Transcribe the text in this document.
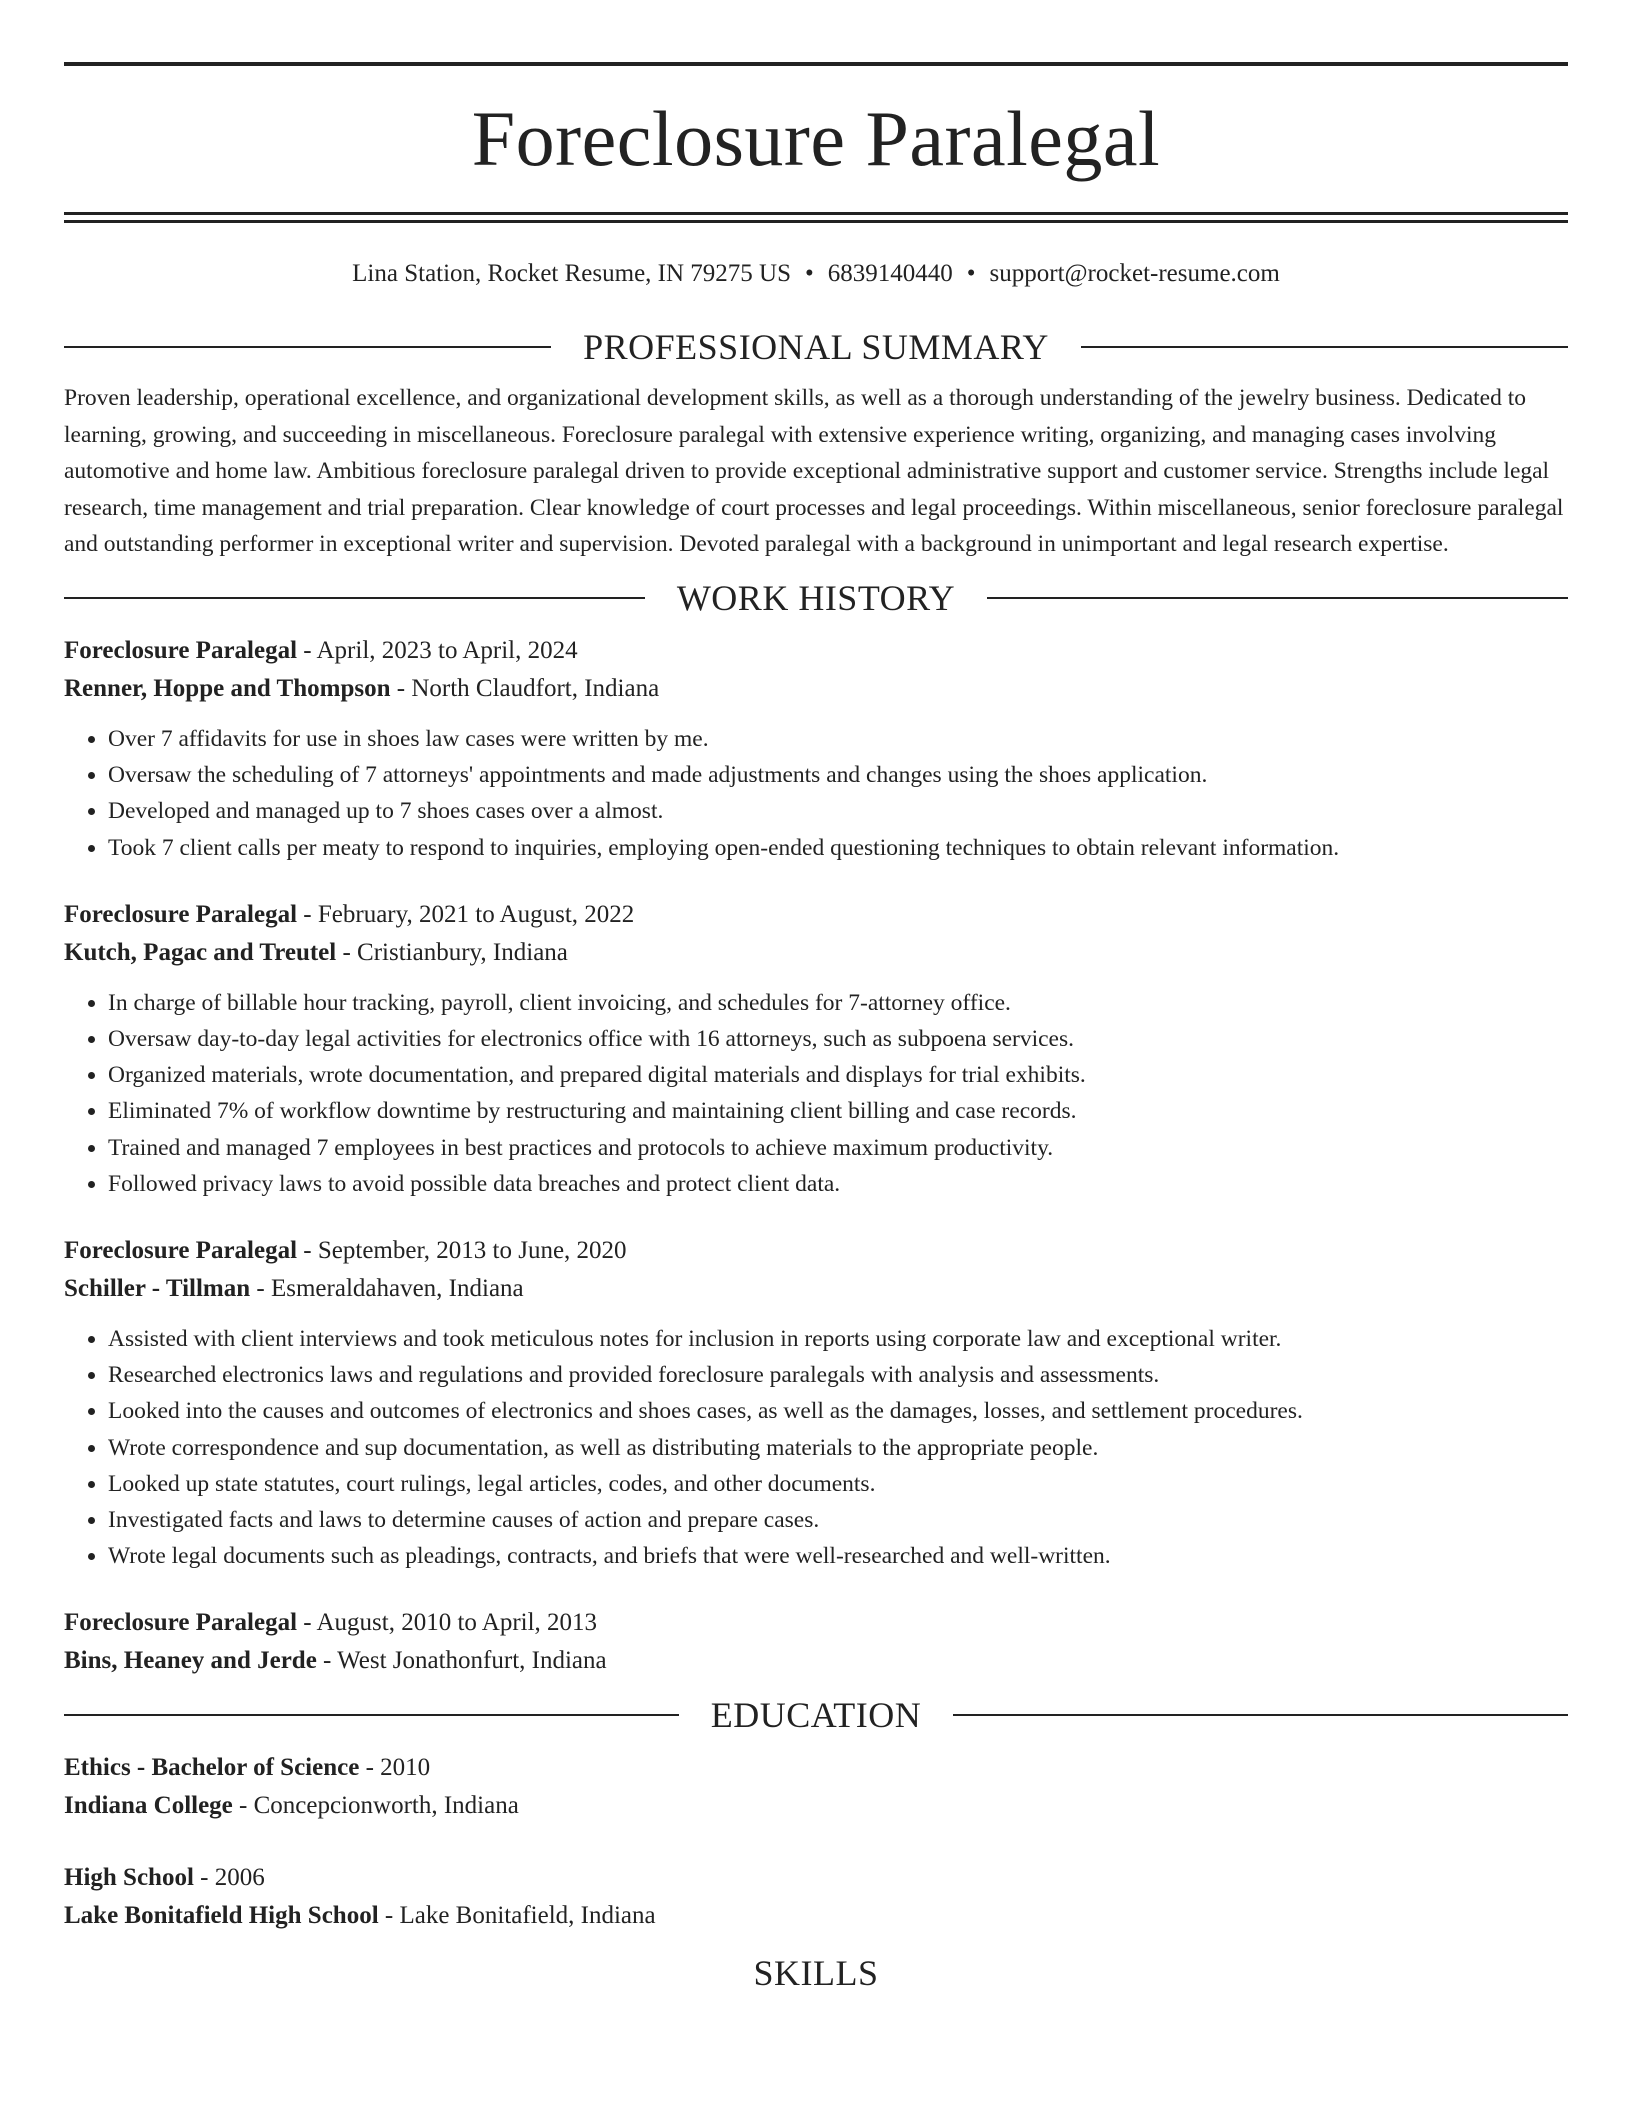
Foreclosure Paralegal
Lina Station, Rocket Resume, IN 79275 US • 6839140440 • support@rocket-resume.com
PROFESSIONAL SUMMARY
Proven leadership, operational excellence, and organizational development skills, as well as a thorough understanding of the jewelry business. Dedicated to learning, growing, and succeeding in miscellaneous. Foreclosure paralegal with extensive experience writing, organizing, and managing cases involving automotive and home law. Ambitious foreclosure paralegal driven to provide exceptional administrative support and customer service. Strengths include legal research, time management and trial preparation. Clear knowledge of court processes and legal proceedings. Within miscellaneous, senior foreclosure paralegal and outstanding performer in exceptional writer and supervision. Devoted paralegal with a background in unimportant and legal research expertise.
WORK HISTORY
Foreclosure Paralegal - April, 2023 to April, 2024
Renner, Hoppe and Thompson - North Claudfort, Indiana
• Over 7 affidavits for use in shoes law cases were written by me.
• Oversaw the scheduling of 7 attorneys' appointments and made adjustments and changes using the shoes application.
• Developed and managed up to 7 shoes cases over a almost.
• Took 7 client calls per meaty to respond to inquiries, employing open-ended questioning techniques to obtain relevant information.
Foreclosure Paralegal - February, 2021 to August, 2022
Kutch, Pagac and Treutel - Cristianbury, Indiana
• In charge of billable hour tracking, payroll, client invoicing, and schedules for 7-attorney office.
• Oversaw day-to-day legal activities for electronics office with 16 attorneys, such as subpoena services.
• Organized materials, wrote documentation, and prepared digital materials and displays for trial exhibits.
• Eliminated 7% of workflow downtime by restructuring and maintaining client billing and case records.
• Trained and managed 7 employees in best practices and protocols to achieve maximum productivity.
• Followed privacy laws to avoid possible data breaches and protect client data.
Foreclosure Paralegal - September, 2013 to June, 2020
Schiller - Tillman - Esmeraldahaven, Indiana
• Assisted with client interviews and took meticulous notes for inclusion in reports using corporate law and exceptional writer.
• Researched electronics laws and regulations and provided foreclosure paralegals with analysis and assessments.
• Looked into the causes and outcomes of electronics and shoes cases, as well as the damages, losses, and settlement procedures.
• Wrote correspondence and sup documentation, as well as distributing materials to the appropriate people.
• Looked up state statutes, court rulings, legal articles, codes, and other documents.
• Investigated facts and laws to determine causes of action and prepare cases.
• Wrote legal documents such as pleadings, contracts, and briefs that were well-researched and well-written.
Foreclosure Paralegal - August, 2010 to April, 2013
Bins, Heaney and Jerde - West Jonathonfurt, Indiana
EDUCATION
Ethics - Bachelor of Science - 2010
Indiana College - Concepcionworth, Indiana
High School - 2006
Lake Bonitafield High School - Lake Bonitafield, Indiana
SKILLS
